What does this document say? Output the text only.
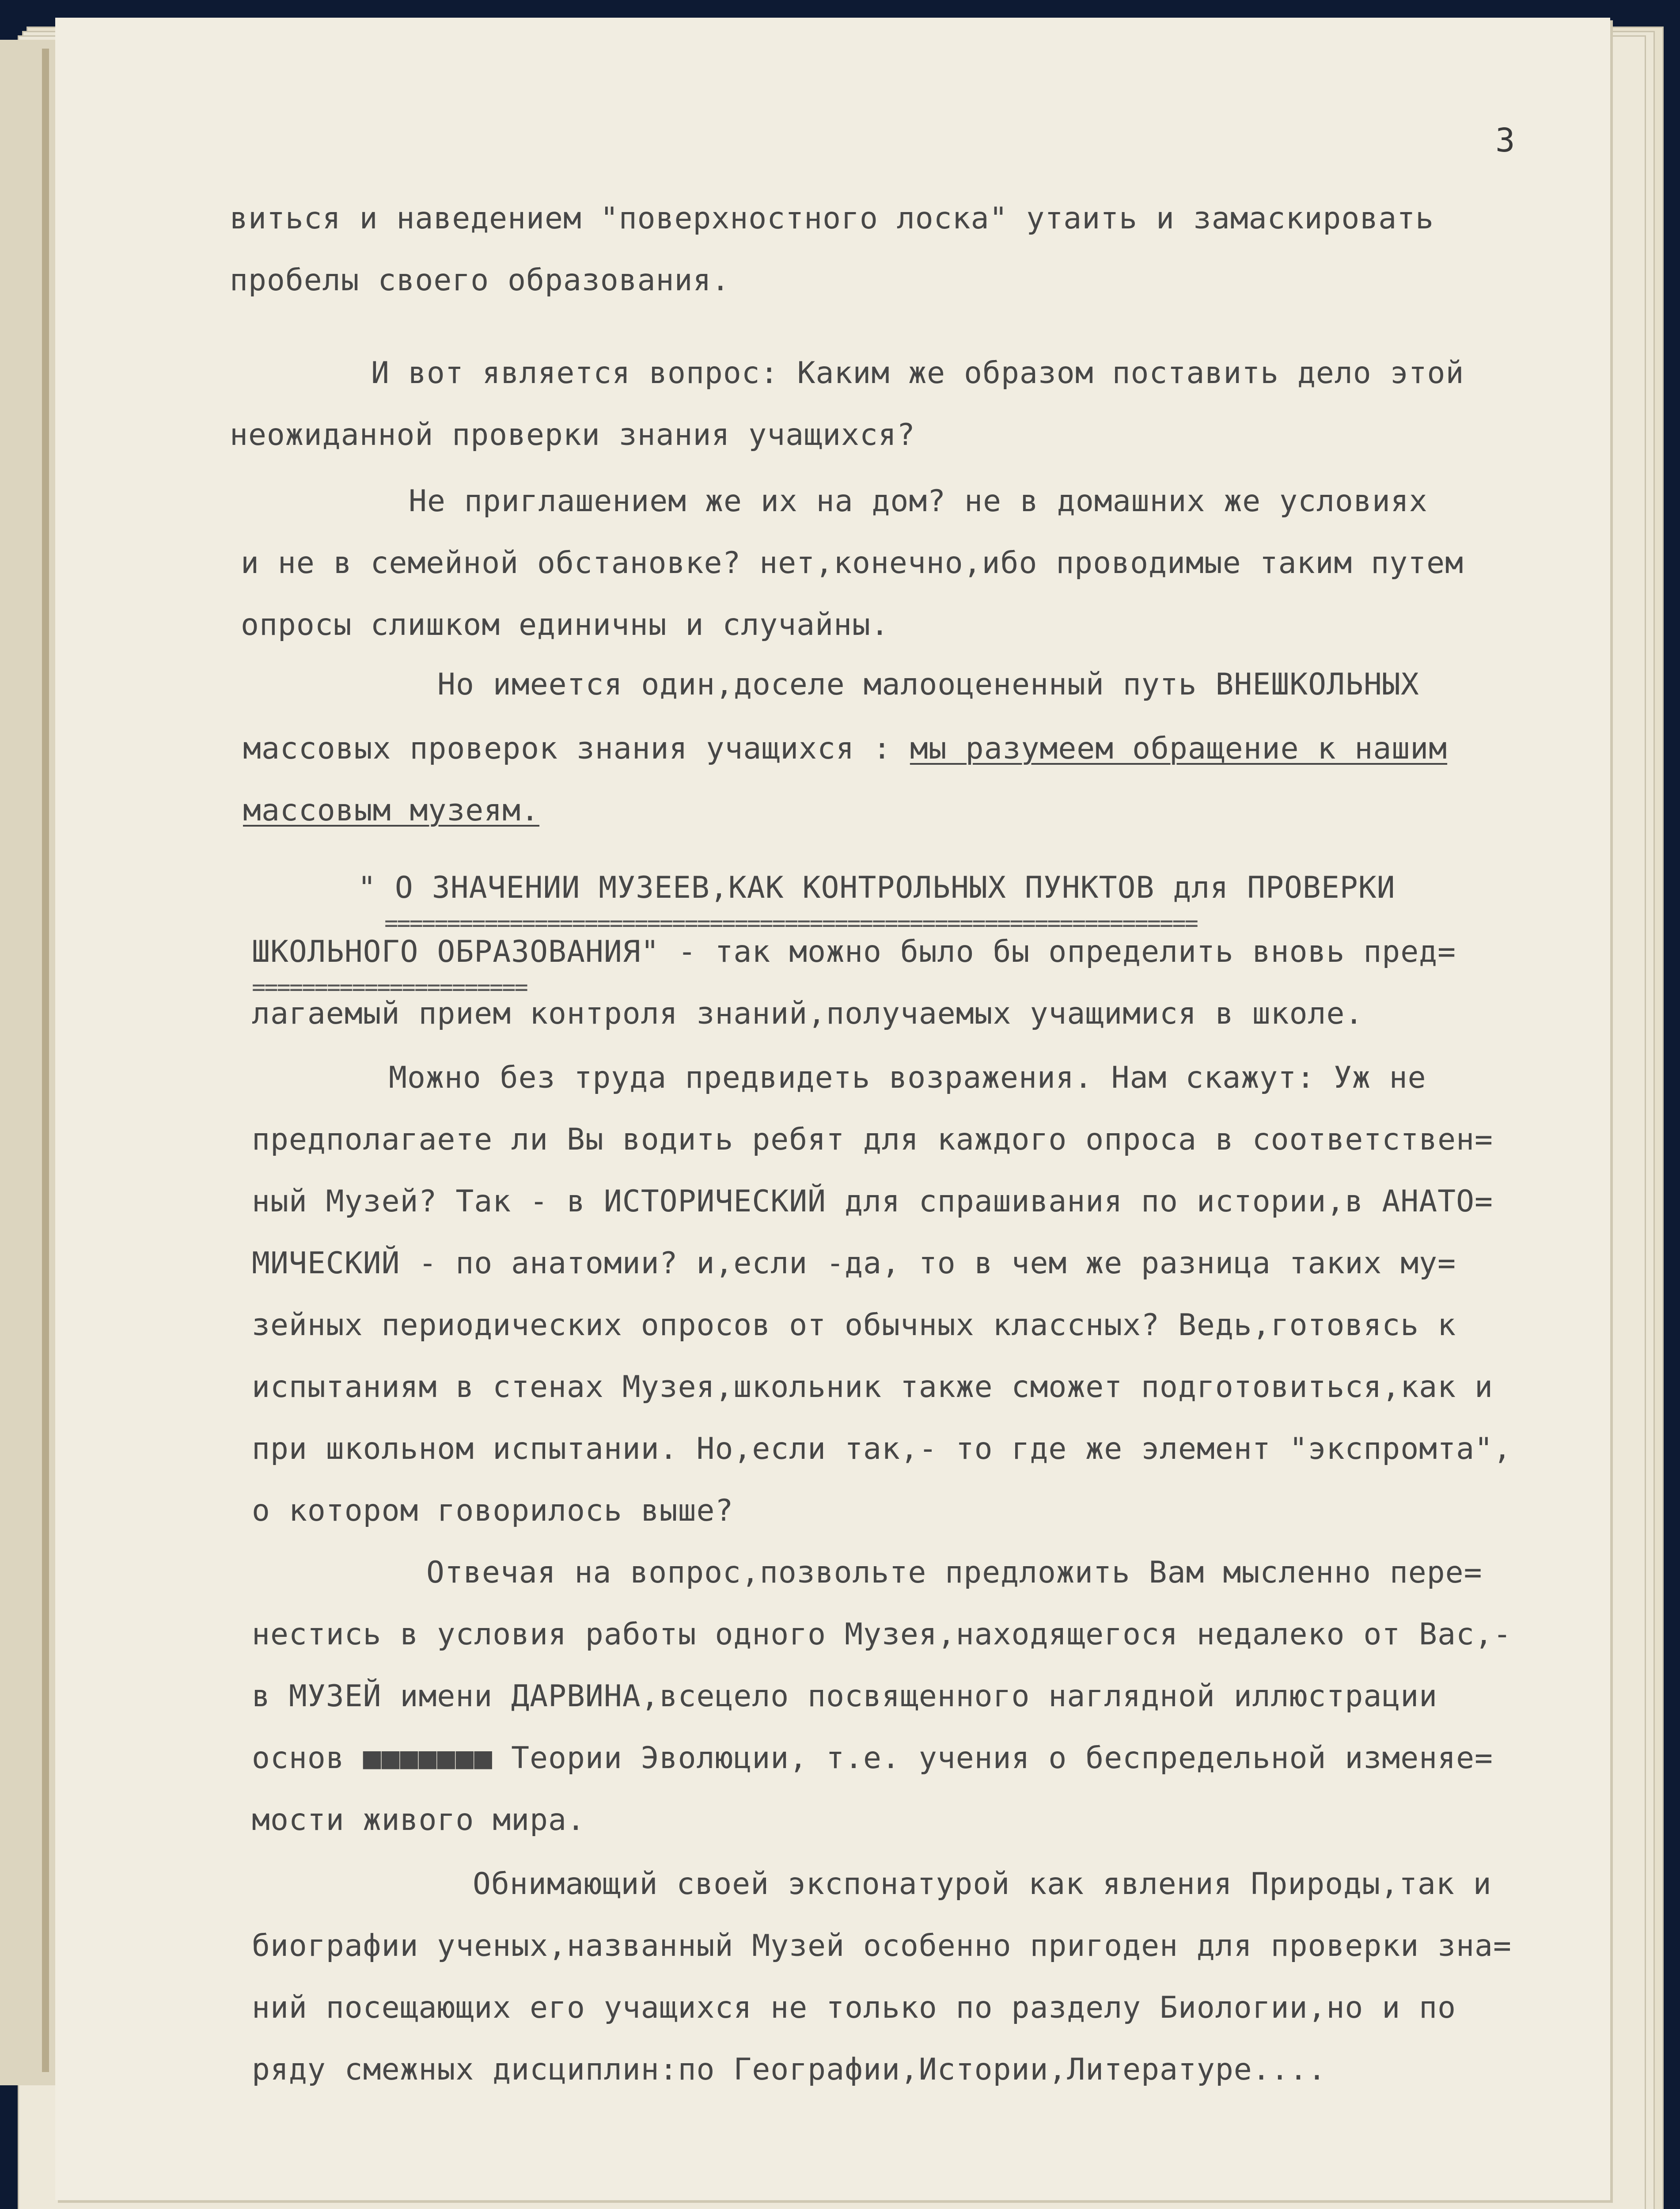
3
виться и наведением "поверхностного лоска" утаить и замаскировать
пробелы своего образования.
И вот является вопрос: Каким же образом поставить дело этой
неожиданной проверки знания учащихся?
Не приглашением же их на дом? не в домашних же условиях
и не в семейной обстановке? нет,конечно,ибо проводимые таким путем
опросы слишком единичны и случайны.
Но имеется один,доселе малооцененный путь ВНЕШКОЛЬНЫХ
массовых проверок знания учащихся : мы разумеем обращение к нашим
массовым музеям.
" О ЗНАЧЕНИИ МУЗЕЕВ,КАК КОНТРОЛЬНЫХ ПУНКТОВ для ПРОВЕРКИ
=================================================================
ШКОЛЬНОГО ОБРАЗОВАНИЯ" - так можно было бы определить вновь пред=
======================
лагаемый прием контроля знаний,получаемых учащимися в школе.
Можно без труда предвидеть возражения. Нам скажут: Уж не
предполагаете ли Вы водить ребят для каждого опроса в соответствен=
ный Музей? Так - в ИСТОРИЧЕСКИЙ для спрашивания по истории,в АНАТО=
МИЧЕСКИЙ - по анатомии? и,если -да, то в чем же разница таких му=
зейных периодических опросов от обычных классных? Ведь,готовясь к
испытаниям в стенах Музея,школьник также сможет подготовиться,как и
при школьном испытании. Но,если так,- то где же элемент "экспромта",
о котором говорилось выше?
Отвечая на вопрос,позвольте предложить Вам мысленно пере=
нестись в условия работы одного Музея,находящегося недалеко от Вас,-
в МУЗЕЙ имени ДАРВИНА,всецело посвященного наглядной иллюстрации
основ ■■■■■■■ Теории Эволюции, т.е. учения о беспредельной изменяе=
мости живого мира.
Обнимающий своей экспонатурой как явления Природы,так и
биографии ученых,названный Музей особенно пригоден для проверки зна=
ний посещающих его учащихся не только по разделу Биологии,но и по
ряду смежных дисциплин:по Географии,Истории,Литературе....
